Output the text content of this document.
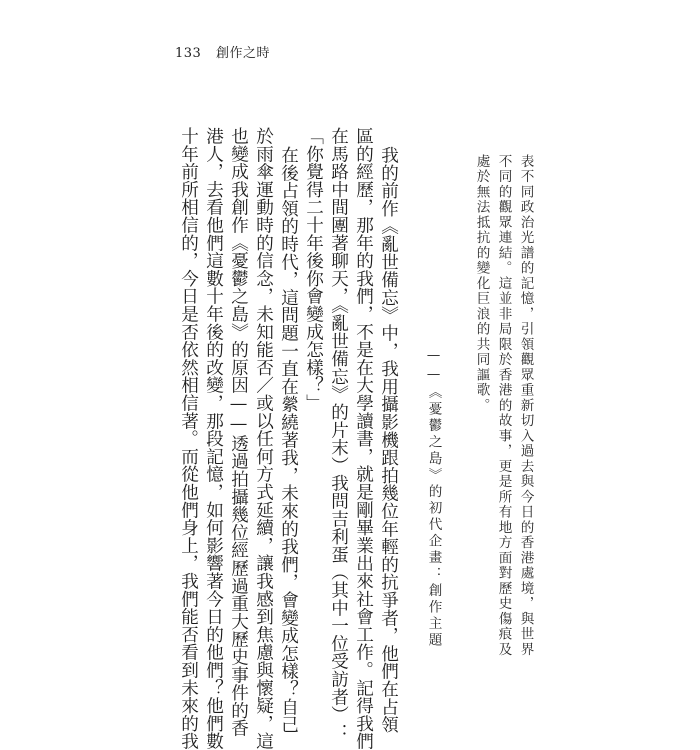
133 創作之時
表不同政治光譜的記憶，引領觀眾重新切入過去與今日的香港處境，與世界
不同的觀眾連結。這並非局限於香港的故事，更是所有地方面對歷史傷痕及
處於無法抵抗的變化巨浪的共同謳歌。
——《憂鬱之島》的初代企畫：創作主題
我的前作《亂世備忘》中，我用攝影機跟拍幾位年輕的抗爭者，他們在占領
區的經歷，那年的我們，不是在大學讀書，就是剛畢業出來社會工作。記得我們
在馬路中間團著聊天，《亂世備忘》的片末）我問吉利蛋（其中一位受訪者）：
「你覺得二十年後你會變成怎樣？」
在後占領的時代，這問題一直在縈繞著我，未來的我們，會變成怎樣？自己
於雨傘運動時的信念，未知能否／或以任何方式延續，讓我感到焦慮與懷疑，這
也變成我創作《憂鬱之島》的原因——透過拍攝幾位經歷過重大歷史事件的香
港人，去看他們這數十年後的改變，那段記憶，如何影響著今日的他們？他們數
十年前所相信的，今日是否依然相信著。而從他們身上，我們能否看到未來的我
